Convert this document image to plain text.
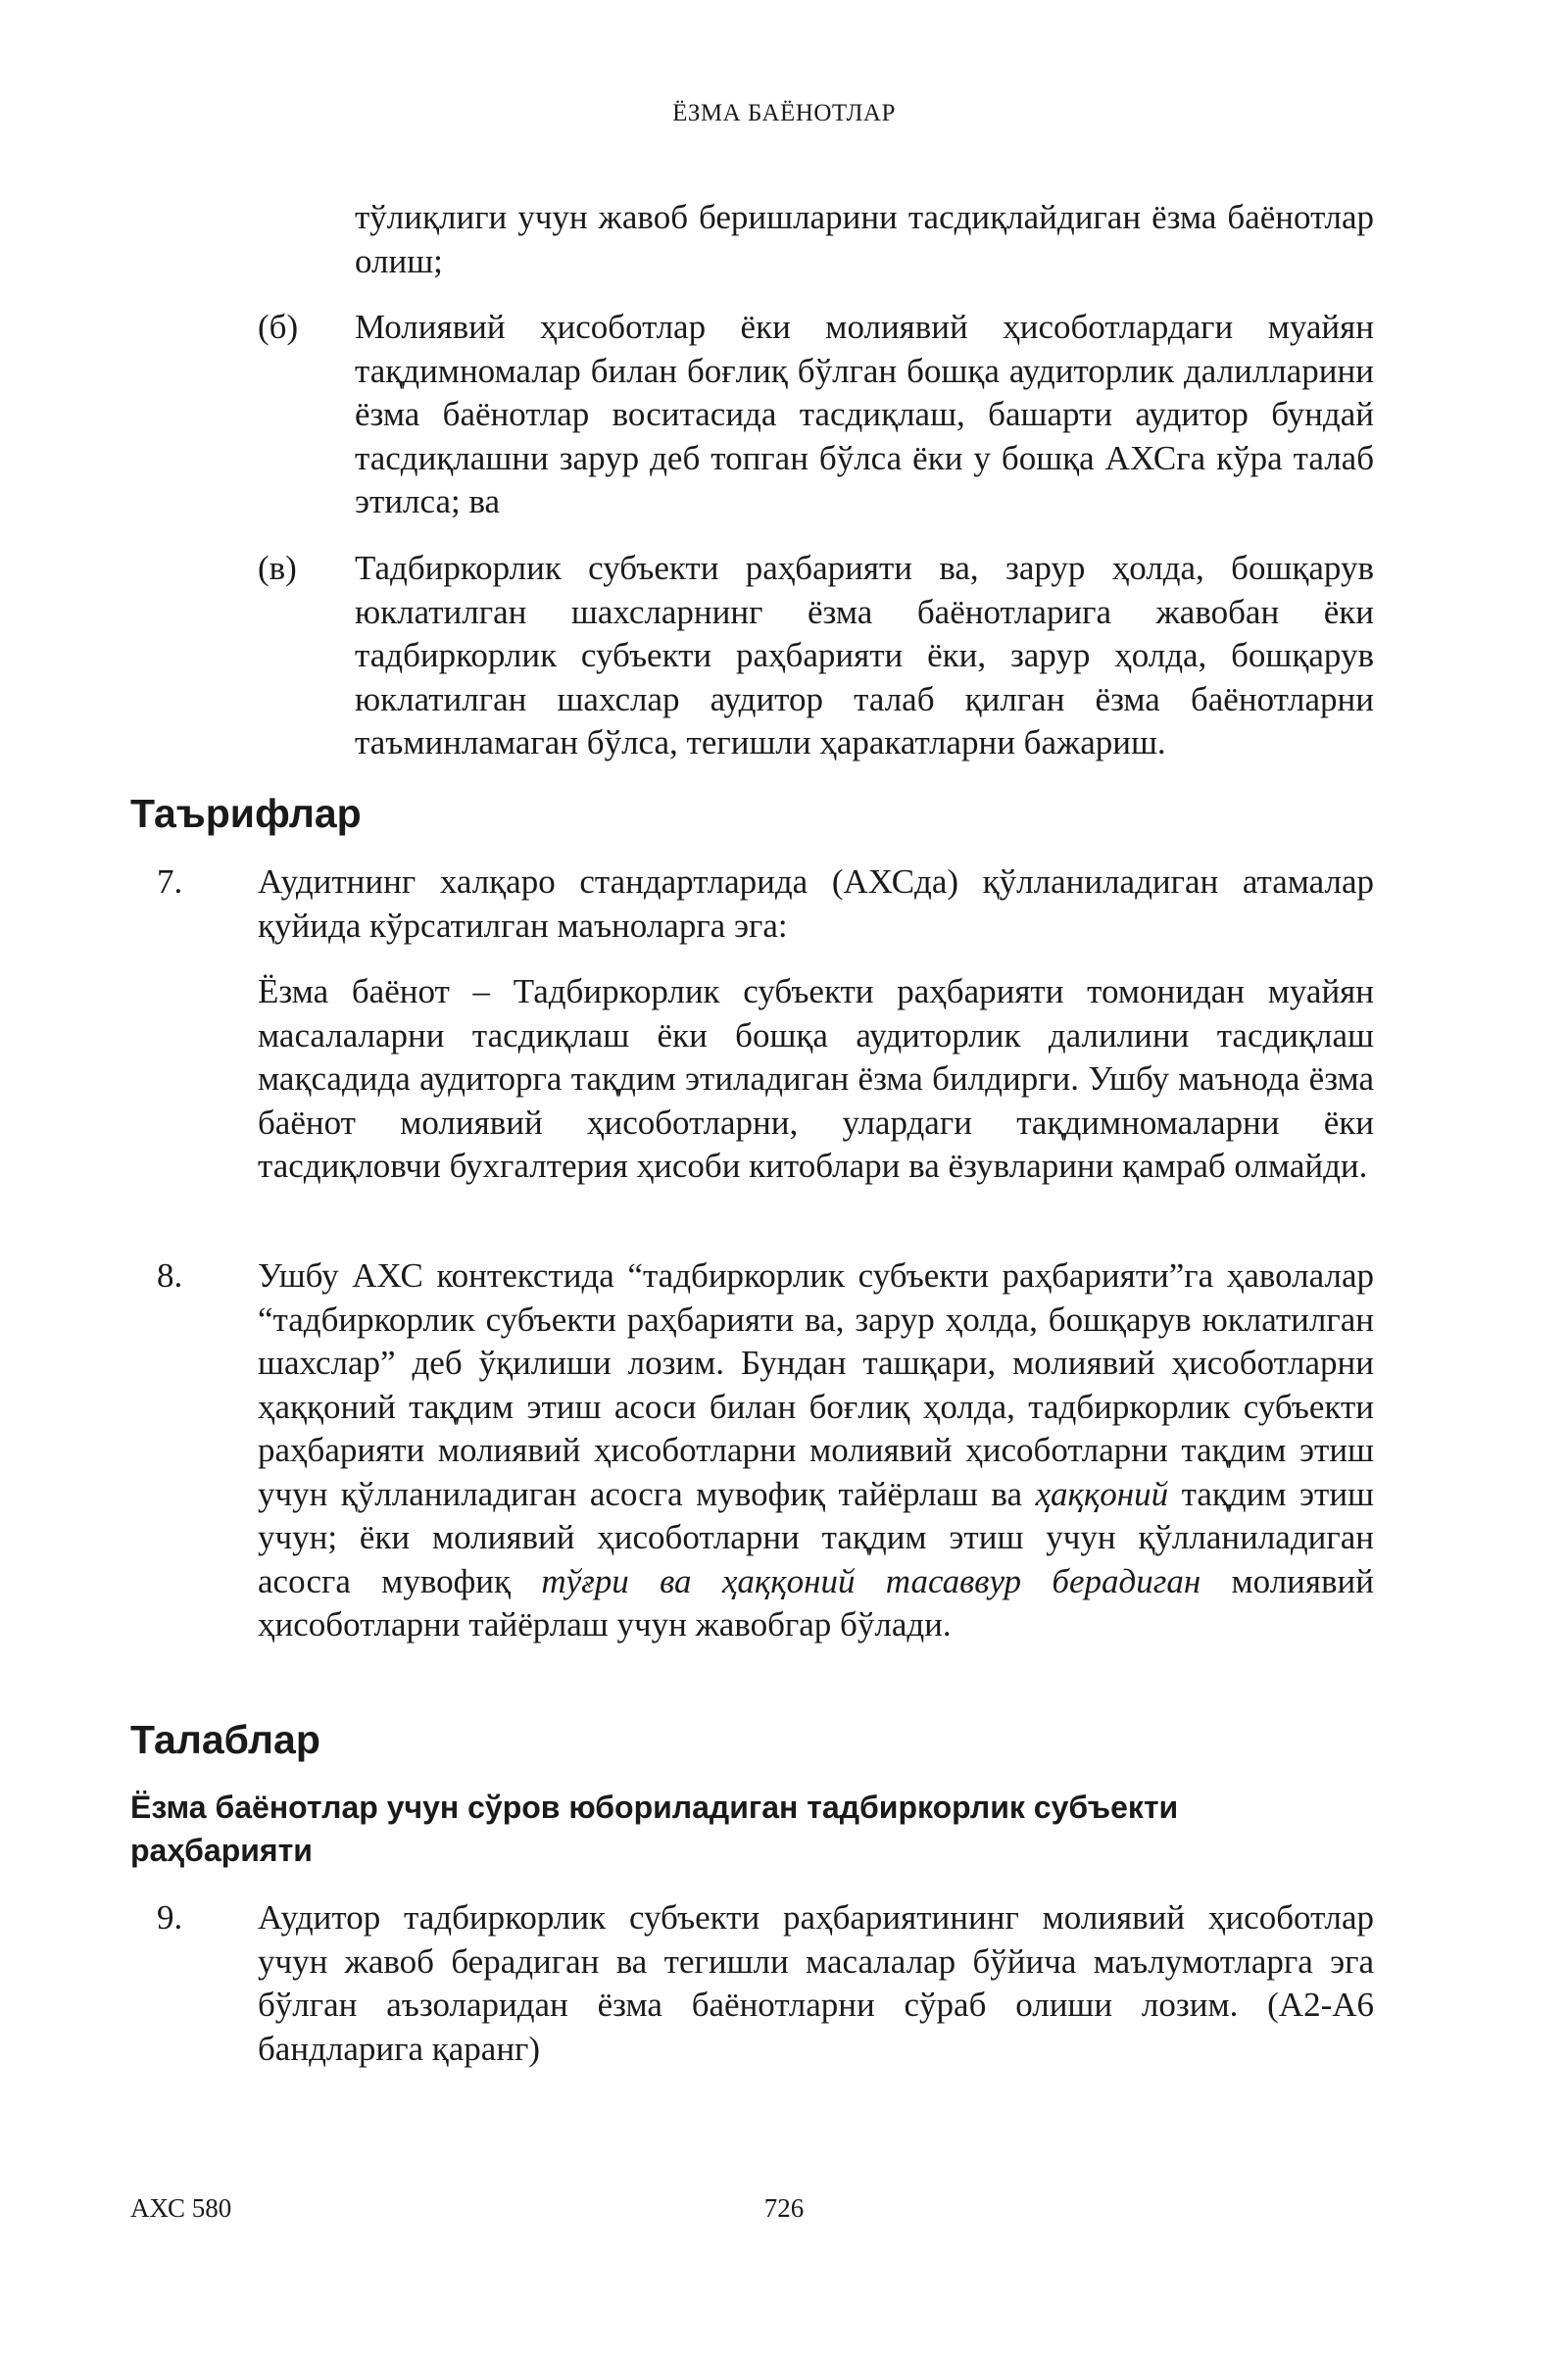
ЁЗМА БАЁНОТЛАР
тўлиқлиги учун жавоб беришларини тасдиқлайдиган ёзма баёнотлар олиш;
(б) Молиявий ҳисоботлар ёки молиявий ҳисоботлардаги муайян тақдимномалар билан боғлиқ бўлган бошқа аудиторлик далилларини ёзма баёнотлар воситасида тасдиқлаш, башарти аудитор бундай тасдиқлашни зарур деб топган бўлса ёки у бошқа АХСга кўра талаб этилса; ва
(в) Тадбиркорлик субъекти раҳбарияти ва, зарур ҳолда, бошқарув юклатилган шахсларнинг ёзма баёнотларига жавобан ёки тадбиркорлик субъекти раҳбарияти ёки, зарур ҳолда, бошқарув юклатилган шахслар аудитор талаб қилган ёзма баёнотларни таъминламаган бўлса, тегишли ҳаракатларни бажариш.
Таърифлар
7. Аудитнинг халқаро стандартларида (АХСда) қўлланиладиган атамалар қуйида кўрсатилган маъноларга эга:
Ёзма баёнот – Тадбиркорлик субъекти раҳбарияти томонидан муайян масалаларни тасдиқлаш ёки бошқа аудиторлик далилини тасдиқлаш мақсадида аудиторга тақдим этиладиган ёзма билдирги. Ушбу маънода ёзма баёнот молиявий ҳисоботларни, улардаги тақдимномаларни ёки тасдиқловчи бухгалтерия ҳисоби китоблари ва ёзувларини қамраб олмайди.
8. Ушбу АХС контекстида “тадбиркорлик субъекти раҳбарияти”га ҳаволалар “тадбиркорлик субъекти раҳбарияти ва, зарур ҳолда, бошқарув юклатилган шахслар” деб ўқилиши лозим. Бундан ташқари, молиявий ҳисоботларни ҳаққоний тақдим этиш асоси билан боғлиқ ҳолда, тадбиркорлик субъекти раҳбарияти молиявий ҳисоботларни молиявий ҳисоботларни тақдим этиш учун қўлланиладиган асосга мувофиқ тайёрлаш ва ҳаққоний тақдим этиш учун; ёки молиявий ҳисоботларни тақдим этиш учун қўлланиладиган асосга мувофиқ тўғри ва ҳаққоний тасаввур берадиган молиявий ҳисоботларни тайёрлаш учун жавобгар бўлади.
Талаблар
Ёзма баёнотлар учун сўров юбориладиган тадбиркорлик субъекти раҳбарияти
9. Аудитор тадбиркорлик субъекти раҳбариятининг молиявий ҳисоботлар учун жавоб берадиган ва тегишли масалалар бўйича маълумотларга эга бўлган аъзоларидан ёзма баёнотларни сўраб олиши лозим. (А2-А6 бандларига қаранг)
АХС 580	726
